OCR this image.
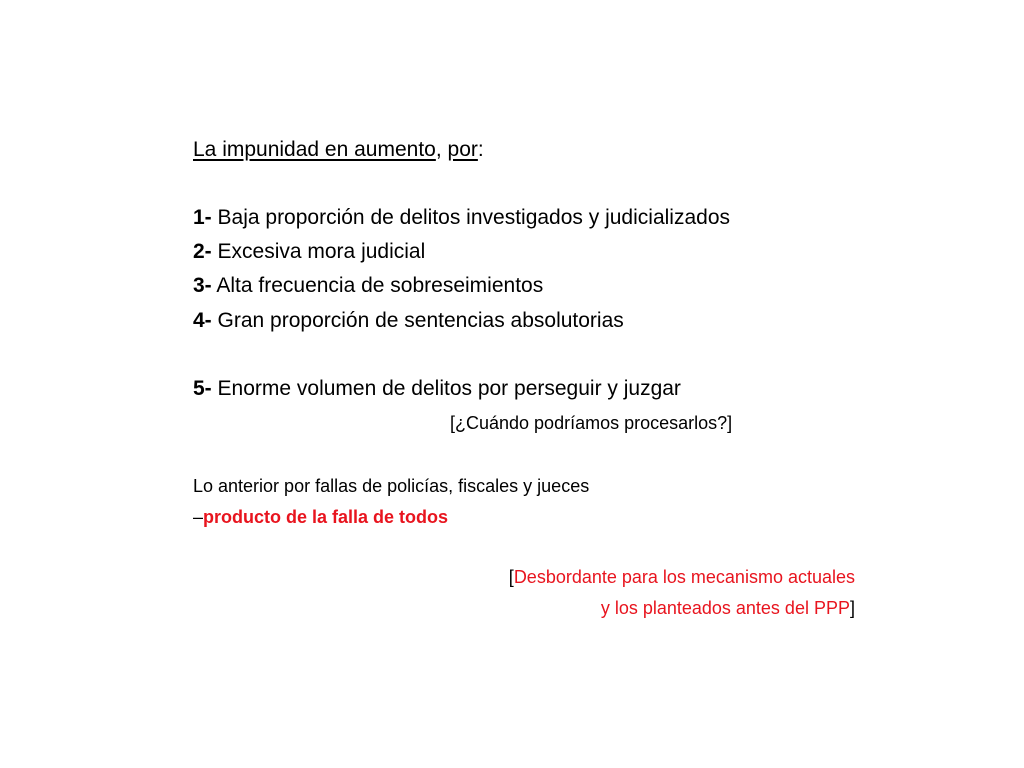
La impunidad en aumento, por:
1- Baja proporción de delitos investigados y judicializados
2- Excesiva mora judicial
3- Alta frecuencia de sobreseimientos
4- Gran proporción de sentencias absolutorias
5- Enorme volumen de delitos por perseguir y juzgar
[¿Cuándo podríamos procesarlos?]
Lo anterior por fallas de policías, fiscales y jueces
–producto de la falla de todos
[Desbordante para los mecanismo actuales
y los planteados antes del PPP]
